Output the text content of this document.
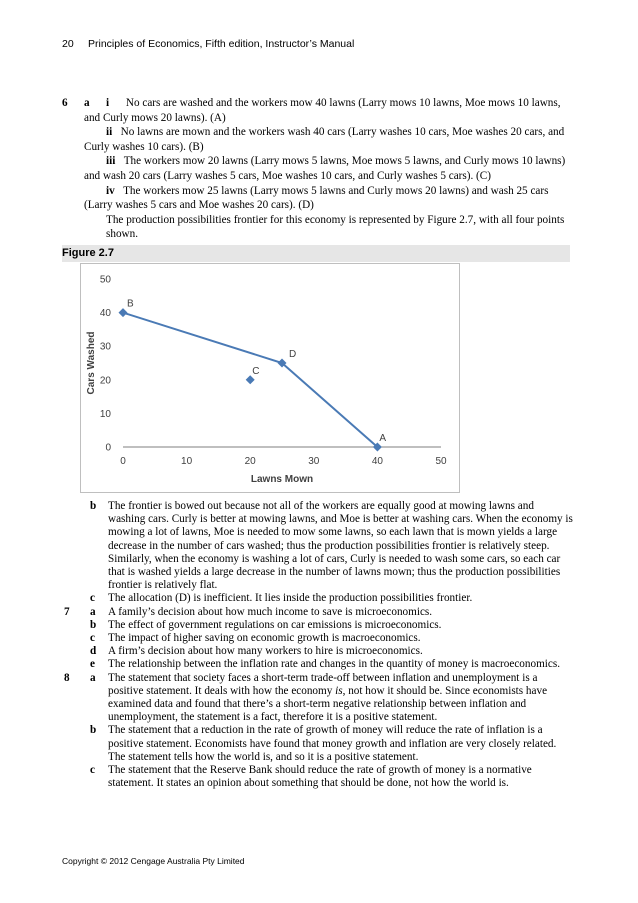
20 Principles of Economics, Fifth edition, Instructor’s Manual
6 a	i No cars are washed and the workers mow 40 lawns (Larry mows 10 lawns, Moe mows 10 lawns, and Curly mows 20 lawns). (A)
ii No lawns are mown and the workers wash 40 cars (Larry washes 10 cars, Moe washes 20 cars, and Curly washes 10 cars). (B)
iii The workers mow 20 lawns (Larry mows 5 lawns, Moe mows 5 lawns, and Curly mows 10 lawns) and wash 20 cars (Larry washes 5 cars, Moe washes 10 cars, and Curly washes 5 cars). (C)
iv The workers mow 25 lawns (Larry mows 5 lawns and Curly mows 20 lawns) and wash 25 cars (Larry washes 5 cars and Moe washes 20 cars). (D)
The production possibilities frontier for this economy is represented by Figure 2.7, with all four points shown.
Figure 2.7
0
10
20
30
40
50
0	10	20	30	40	50
Lawns Mown
Cars Washed
B
D
C
A
b The frontier is bowed out because not all of the workers are equally good at mowing lawns and washing cars. Curly is better at mowing lawns, and Moe is better at washing cars. When the economy is mowing a lot of lawns, Moe is needed to mow some lawns, so each lawn that is mown yields a large decrease in the number of cars washed; thus the production possibilities frontier is relatively steep. Similarly, when the economy is washing a lot of cars, Curly is needed to wash some cars, so each car that is washed yields a large decrease in the number of lawns mown; thus the production possibilities frontier is relatively flat.
c The allocation (D) is inefficient. It lies inside the production possibilities frontier.
7 a A family’s decision about how much income to save is microeconomics.
b The effect of government regulations on car emissions is microeconomics.
c The impact of higher saving on economic growth is macroeconomics.
d A firm’s decision about how many workers to hire is microeconomics.
e The relationship between the inflation rate and changes in the quantity of money is macroeconomics.
8 a The statement that society faces a short-term trade-off between inflation and unemployment is a positive statement. It deals with how the economy is, not how it should be. Since economists have examined data and found that there’s a short-term negative relationship between inflation and unemployment, the statement is a fact, therefore it is a positive statement.
b The statement that a reduction in the rate of growth of money will reduce the rate of inflation is a positive statement. Economists have found that money growth and inflation are very closely related. The statement tells how the world is, and so it is a positive statement.
c The statement that the Reserve Bank should reduce the rate of growth of money is a normative statement. It states an opinion about something that should be done, not how the world is.
Copyright © 2012 Cengage Australia Pty Limited
